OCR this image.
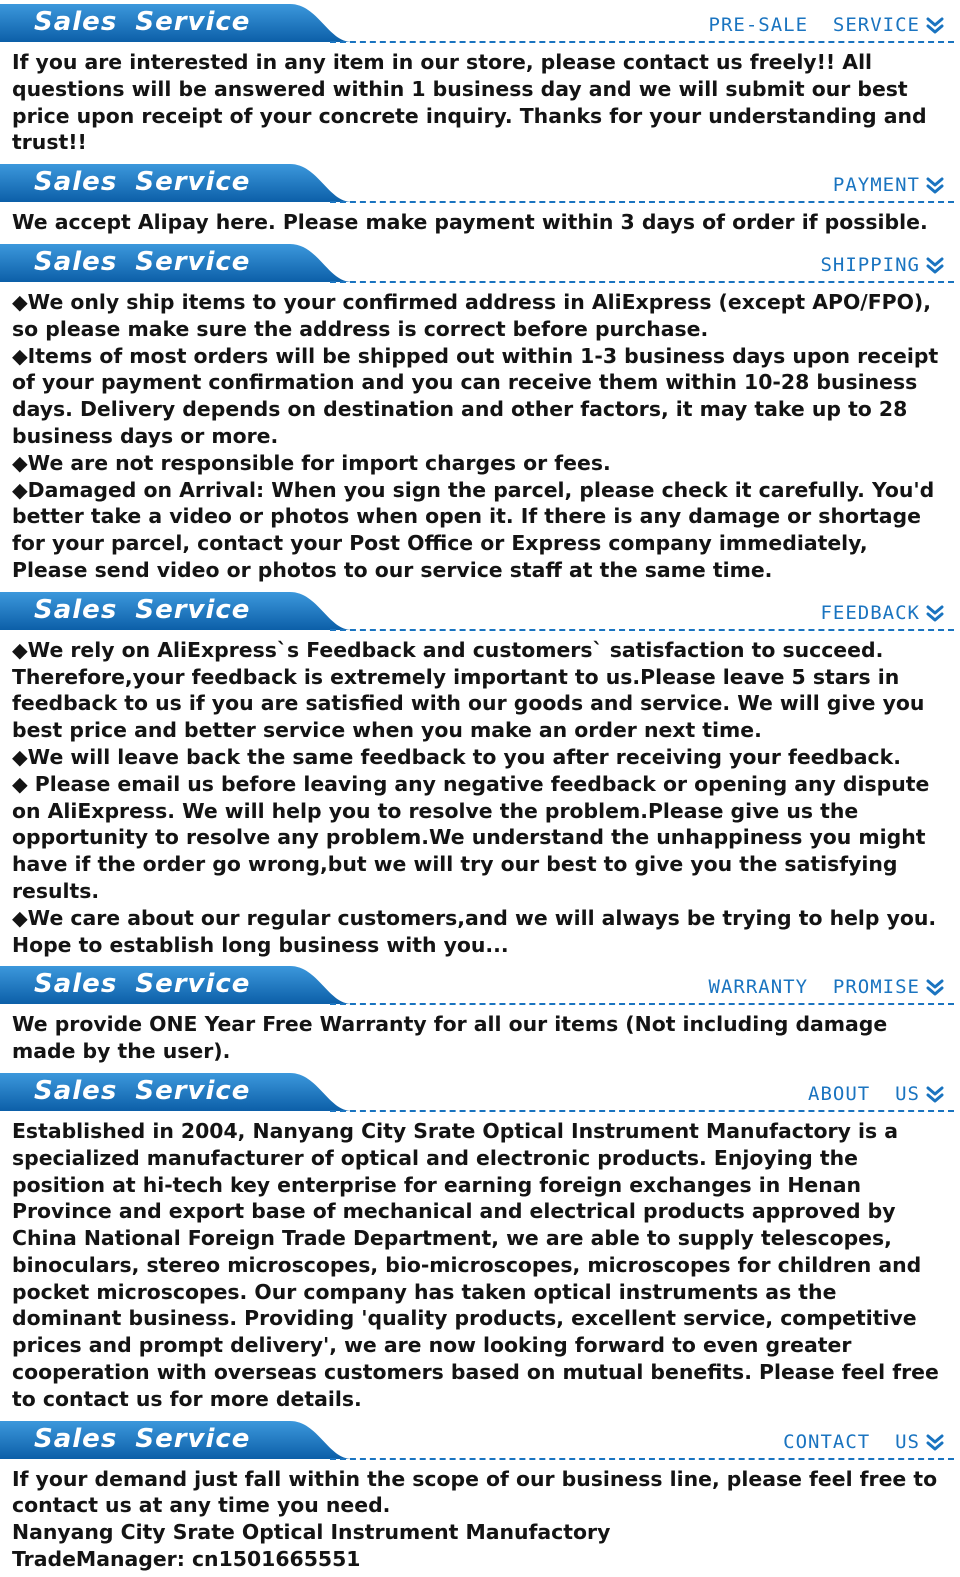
Sales Service	PRE-SALE  SERVICE

If you are interested in any item in our store, please contact us freely!! All questions will be answered within 1 business day and we will submit our best price upon receipt of your concrete inquiry. Thanks for your understanding and trust!!

Sales Service	PAYMENT

We accept Alipay here. Please make payment within 3 days of order if possible.

Sales Service	SHIPPING

◆We only ship items to your confirmed address in AliExpress (except APO/FPO), so please make sure the address is correct before purchase.

◆Items of most orders will be shipped out within 1-3 business days upon receipt of your payment confirmation and you can receive them within 10-28 business days. Delivery depends on destination and other factors, it may take up to 28 business days or more.

◆We are not responsible for import charges or fees.

◆Damaged on Arrival: When you sign the parcel, please check it carefully. You'd better take a video or photos when open it. If there is any damage or shortage for your parcel, contact your Post Office or Express company immediately, Please send video or photos to our service staff at the same time.

Sales Service	FEEDBACK

◆We rely on AliExpress`s Feedback and customers` satisfaction to succeed. Therefore,your feedback is extremely important to us.Please leave 5 stars in feedback to us if you are satisfied with our goods and service. We will give you best price and better service when you make an order next time.

◆We will leave back the same feedback to you after receiving your feedback.

◆ Please email us before leaving any negative feedback or opening any dispute on AliExpress. We will help you to resolve the problem.Please give us the opportunity to resolve any problem.We understand the unhappiness you might have if the order go wrong,but we will try our best to give you the satisfying results.

◆We care about our regular customers,and we will always be trying to help you. Hope to establish long business with you...

Sales Service	WARRANTY  PROMISE

We provide ONE Year Free Warranty for all our items (Not including damage made by the user).

Sales Service	ABOUT  US

Established in 2004, Nanyang City Srate Optical Instrument Manufactory is a specialized manufacturer of optical and electronic products. Enjoying the position at hi-tech key enterprise for earning foreign exchanges in Henan Province and export base of mechanical and electrical products approved by China National Foreign Trade Department, we are able to supply telescopes, binoculars, stereo microscopes, bio-microscopes, microscopes for children and pocket microscopes. Our company has taken optical instruments as the dominant business. Providing 'quality products, excellent service, competitive prices and prompt delivery', we are now looking forward to even greater cooperation with overseas customers based on mutual benefits. Please feel free to contact us for more details.

Sales Service	CONTACT  US

If your demand just fall within the scope of our business line, please feel free to contact us at any time you need.

Nanyang City Srate Optical Instrument Manufactory

TradeManager: cn1501665551
